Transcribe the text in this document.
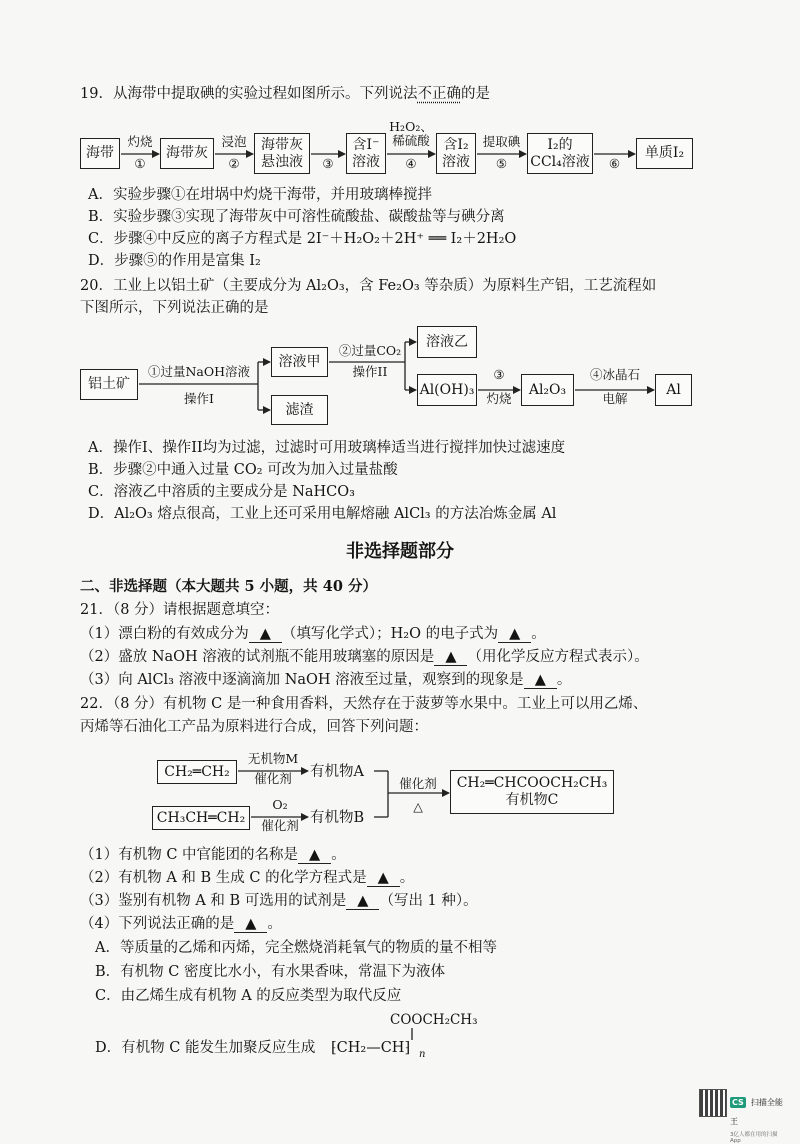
19．从海带中提取碘的实验过程如图所示。下列说法不正确的是
海带	海带灰
海带灰
悬浊液
含I⁻
溶液
含I₂
溶液
I₂的
CCl₄溶液
单质I₂
灼烧
①
浸泡
②	③
H₂O₂、
稀硫酸
④
提取碘
⑤	⑥
A．实验步骤①在坩埚中灼烧干海带，并用玻璃棒搅拌
B．实验步骤③实现了海带灰中可溶性硫酸盐、碳酸盐等与碘分离
C．步骤④中反应的离子方程式是 2I⁻＋H₂O₂＋2H⁺ ══ I₂＋2H₂O
D．步骤⑤的作用是富集 I₂
20．工业上以铝土矿（主要成分为 Al₂O₃，含 Fe₂O₃ 等杂质）为原料生产铝，工艺流程如
下图所示，下列说法正确的是
铝土矿
溶液甲
滤渣
溶液乙
Al(OH)₃	Al₂O₃	Al
①过量NaOH溶液
操作I
②过量CO₂
操作II	③
灼烧
④冰晶石
电解
A．操作I、操作II均为过滤，过滤时可用玻璃棒适当进行搅拌加快过滤速度
B．步骤②中通入过量 CO₂ 可改为加入过量盐酸
C．溶液乙中溶质的主要成分是 NaHCO₃
D．Al₂O₃ 熔点很高，工业上还可采用电解熔融 AlCl₃ 的方法冶炼金属 Al
非选择题部分
二、非选择题（本大题共 5 小题，共 40 分）
21．（8 分）请根据题意填空：
（1）漂白粉的有效成分为 ▲ （填写化学式）；H₂O 的电子式为 ▲ 。
（2）盛放 NaOH 溶液的试剂瓶不能用玻璃塞的原因是 ▲ （用化学反应方程式表示）。
（3）向 AlCl₃ 溶液中逐滴滴加 NaOH 溶液至过量，观察到的现象是 ▲ 。
22．（8 分）有机物 C 是一种食用香料，天然存在于菠萝等水果中。工业上可以用乙烯、
丙烯等石油化工产品为原料进行合成，回答下列问题：
CH₂═CH₂
CH₃CH═CH₂
无机物M
催化剂	有机物A
O₂
催化剂 有机物B
催化剂
△
CH₂═CHCOOCH₂CH₃
有机物C
（1）有机物 C 中官能团的名称是 ▲ 。
（2）有机物 A 和 B 生成 C 的化学方程式是 ▲ 。
（3）鉴别有机物 A 和 B 可选用的试剂是 ▲ （写出 1 种）。
（4）下列说法正确的是 ▲ 。
A．等质量的乙烯和丙烯，完全燃烧消耗氧气的物质的量不相等
B．有机物 C 密度比水小，有水果香味，常温下为液体
C．由乙烯生成有机物 A 的反应类型为取代反应
D．有机物 C 能发生加聚反应生成
COOCH₂CH₃
⁅CH₂—CH⁆ n
CS 扫描全能王
3亿人都在用的扫描App
